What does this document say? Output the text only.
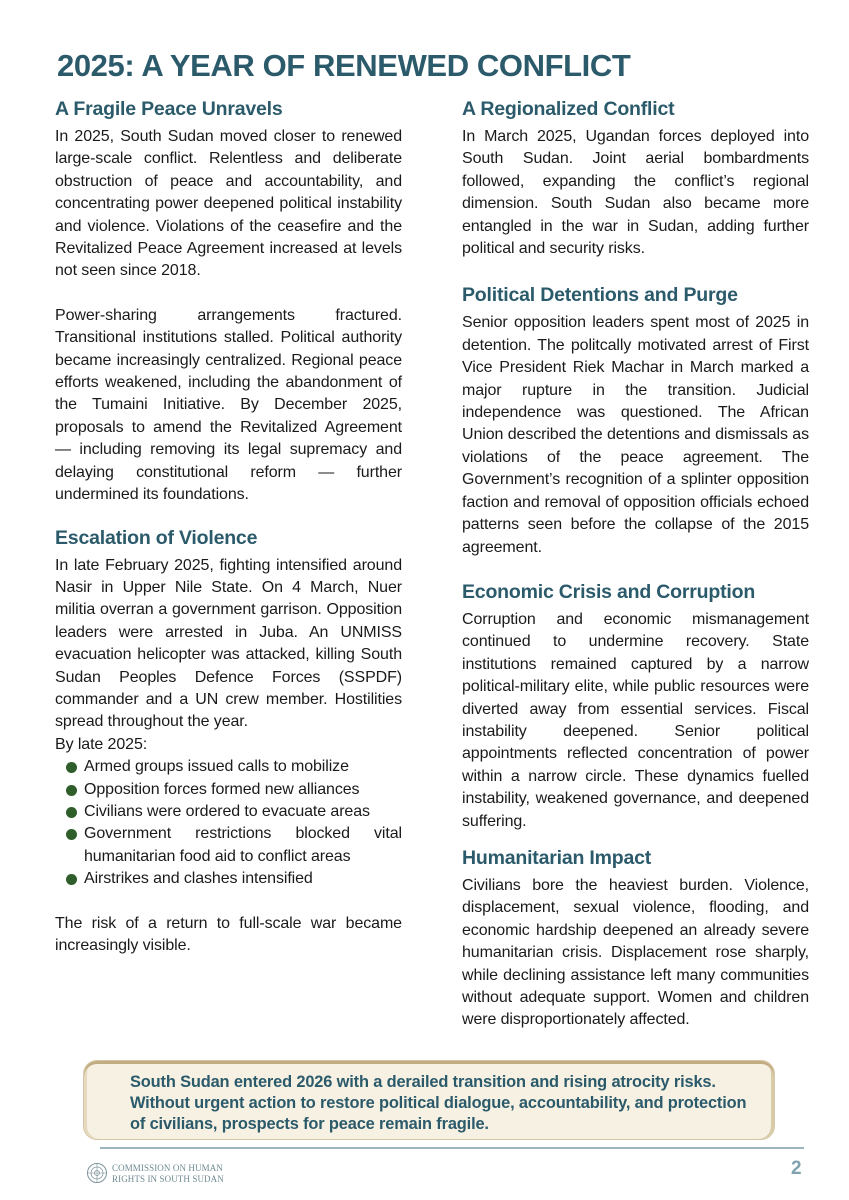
2025: A YEAR OF RENEWED CONFLICT
A Fragile Peace Unravels

In 2025, South Sudan moved closer to renewed large-scale conflict. Relentless and deliberate obstruction of peace and accountability, and concentrating power deepened political instability and violence. Violations of the ceasefire and the Revitalized Peace Agreement increased at levels not seen since 2018.

Power-sharing arrangements fractured. Transitional institutions stalled. Political authority became increasingly centralized. Regional peace efforts weakened, including the abandonment of the Tumaini Initiative. By December 2025, proposals to amend the Revitalized Agreement — including removing its legal supremacy and delaying constitutional reform — further undermined its foundations.

Escalation of Violence

In late February 2025, fighting intensified around Nasir in Upper Nile State. On 4 March, Nuer militia overran a government garrison. Opposition leaders were arrested in Juba. An UNMISS evacuation helicopter was attacked, killing South Sudan Peoples Defence Forces (SSPDF) commander and a UN crew member. Hostilities spread throughout the year.

By late 2025:

Armed groups issued calls to mobilize
Opposition forces formed new alliances
Civilians were ordered to evacuate areas
Government restrictions blocked vital humanitarian food aid to conflict areas
Airstrikes and clashes intensified

The risk of a return to full-scale war became increasingly visible.

A Regionalized Conflict

In March 2025, Ugandan forces deployed into South Sudan. Joint aerial bombardments followed, expanding the conflict’s regional dimension. South Sudan also became more entangled in the war in Sudan, adding further political and security risks.

Political Detentions and Purge

Senior opposition leaders spent most of 2025 in detention. The politcally motivated arrest of First Vice President Riek Machar in March marked a major rupture in the transition. Judicial independence was questioned. The African Union described the detentions and dismissals as violations of the peace agreement. The Government’s recognition of a splinter opposition faction and removal of opposition officials echoed patterns seen before the collapse of the 2015 agreement.

Economic Crisis and Corruption

Corruption and economic mismanagement continued to undermine recovery. State institutions remained captured by a narrow political-military elite, while public resources were diverted away from essential services. Fiscal instability deepened. Senior political appointments reflected concentration of power within a narrow circle. These dynamics fuelled instability, weakened governance, and deepened suffering.

Humanitarian Impact

Civilians bore the heaviest burden. Violence, displacement, sexual violence, flooding, and economic hardship deepened an already severe humanitarian crisis. Displacement rose sharply, while declining assistance left many communities without adequate support. Women and children were disproportionately affected.

South Sudan entered 2026 with a derailed transition and rising atrocity risks. Without urgent action to restore political dialogue, accountability, and protection of civilians, prospects for peace remain fragile.
COMMISSION ON HUMAN
RIGHTS IN SOUTH SUDAN	2
